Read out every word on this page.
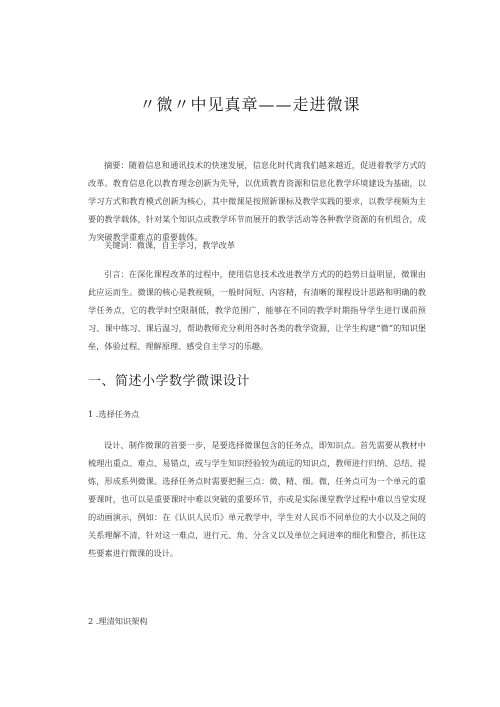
〃微〃中见真章——走进微课

摘要：随着信息和通讯技术的快速发展，信息化时代离我们越来越近，促进着教学方式的改革。教育信息化以教育理念创新为先导，以优质教育资源和信息化教学环境建设为基础，以学习方式和教育模式创新为核心，其中微课是按照新课标及教学实践的要求，以教学视频为主要的教学载体，针对某个知识点或教学环节而展开的教学活动等各种教学资源的有机组合，成为突破教学重难点的重要载体。

关键词：微课，自主学习，教学改革

引言：在深化课程改革的过程中，使用信息技术改进教学方式的的趋势日益明显，微课由此应运而生。微课的核心是教视频，一般时间短、内容精，有清晰的课程设计思路和明确的教学任务点，它的教学时空限制低，教学范围广，能够在不同的教学时期指导学生进行课前预习、课中练习、课后温习，帮助教师充分利用各时各类的教学资源，让学生构建“微”的知识堡垒，体验过程、理解原理、感受自主学习的乐趣。

一、简述小学数学微课设计
1 .选择任务点

设计、制作微课的首要一步，是要选择微课包含的任务点，即知识点。首先需要从教材中梳理出重点、难点、易错点，或与学生知识经验较为疏远的知识点，教师进行归纳、总结、提炼，形成系列微课。选择任务点时需要把握三点：微、精、细。微，任务点可为一个单元的重要课时，也可以是重要课时中难以突破的重要环节，亦或是实际课堂教学过程中难以当堂实现的动画演示，例如：在《认识人民币》单元教学中，学生对人民币不同单位的大小以及之间的关系理解不清，针对这一难点，进行元、角、分含义以及单位之间进率的细化和整合，抓住这些要素进行微课的设计。

2 .理清知识架构
